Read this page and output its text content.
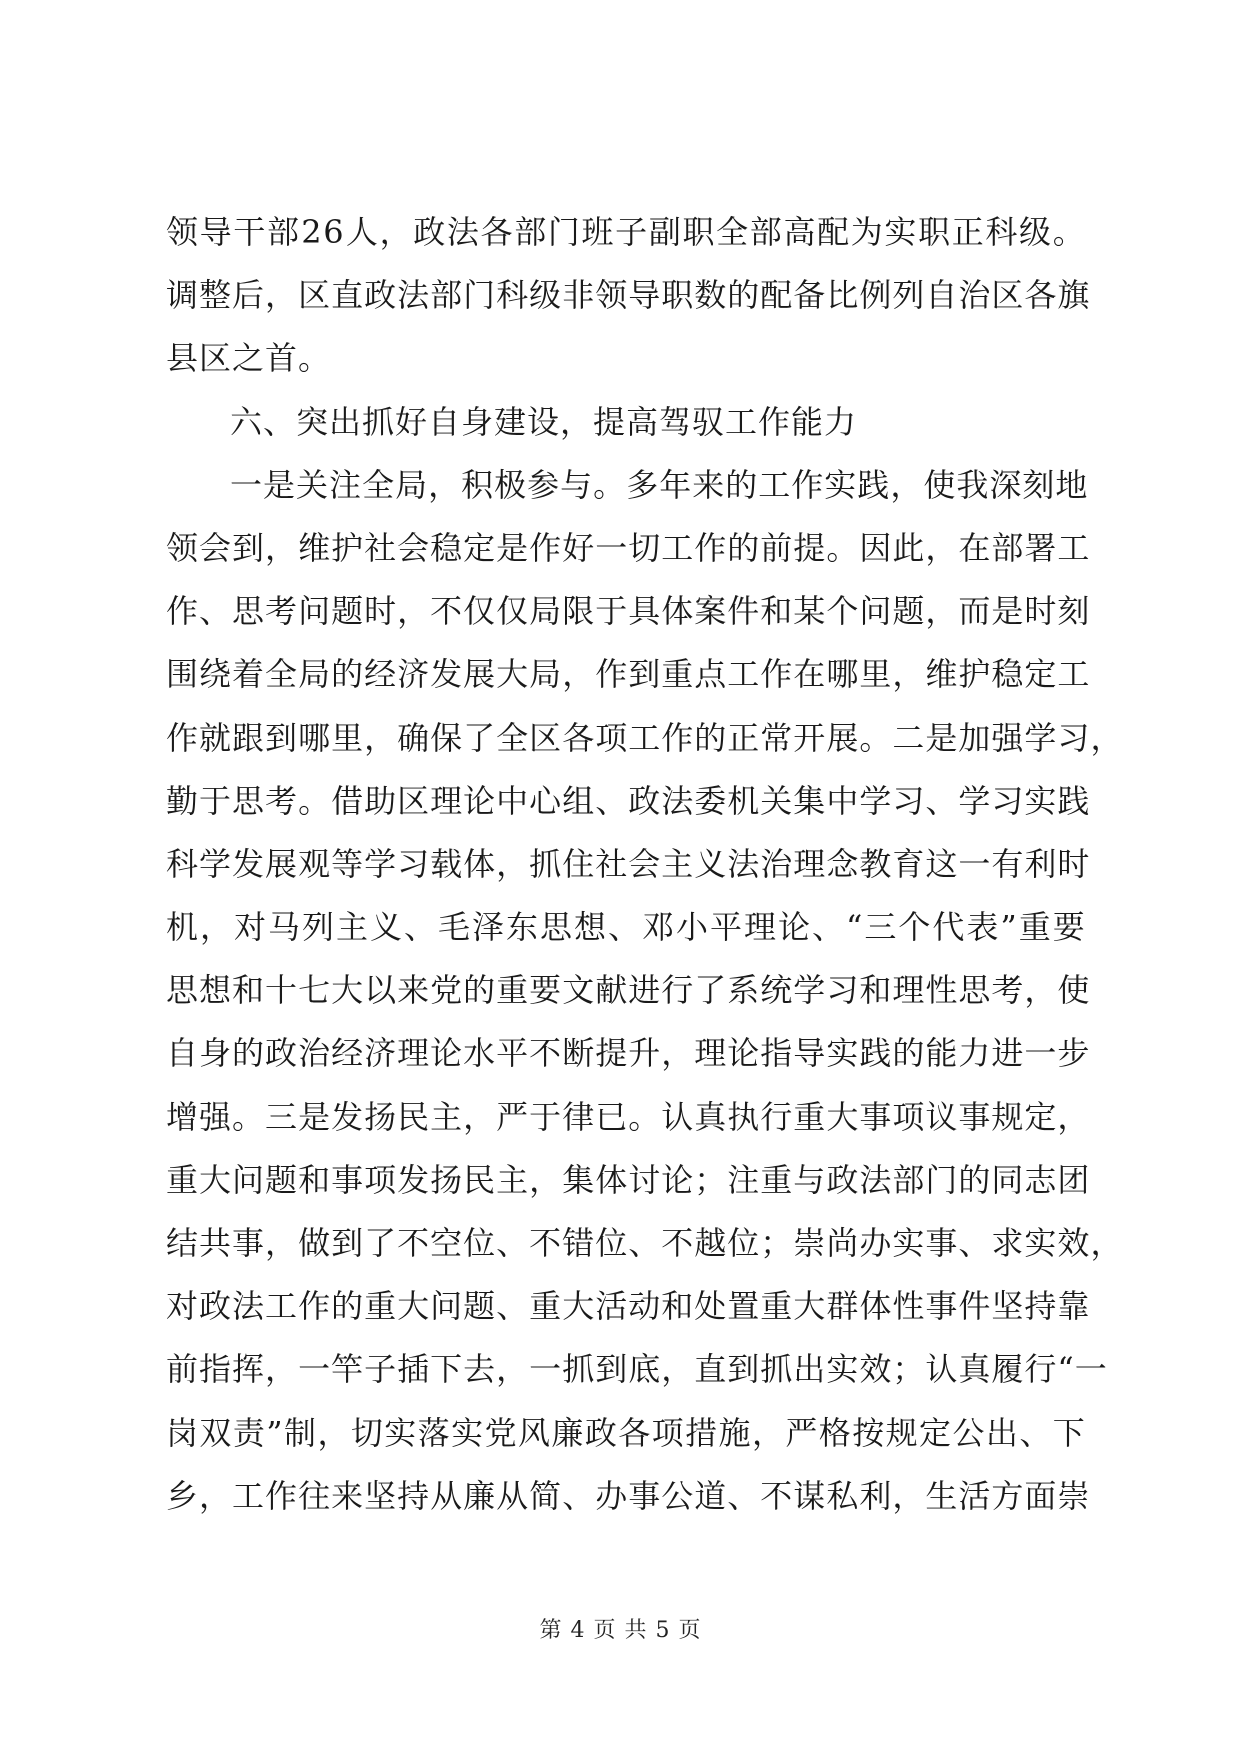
领 导 干 部 2 6 人 ， 政 法 各 部 门 班 子 副 职 全 部 高 配 为 实 职 正 科 级 。
调 整 后 ， 区 直 政 法 部 门 科 级 非 领 导 职 数 的 配 备 比 例 列 自 治 区 各 旗
县区之首。
六、突出抓好自身建设，提高驾驭工作能力
一 是 关 注 全 局 ， 积 极 参 与 。 多 年 来 的 工 作 实 践 ， 使 我 深 刻 地
领 会 到 ， 维 护 社 会 稳 定 是 作 好 一 切 工 作 的 前 提 。 因 此 ， 在 部 署 工
作 、 思 考 问 题 时 ， 不 仅 仅 局 限 于 具 体 案 件 和 某 个 问 题 ， 而 是 时 刻
围 绕 着 全 局 的 经 济 发 展 大 局 ， 作 到 重 点 工 作 在 哪 里 ， 维 护 稳 定 工
作 就 跟 到 哪 里 ， 确 保 了 全 区 各 项 工 作 的 正 常 开 展 。 二 是 加 强 学 习 ，
勤 于 思 考 。 借 助 区 理 论 中 心 组 、 政 法 委 机 关 集 中 学 习 、 学 习 实 践
科 学 发 展 观 等 学 习 载 体 ， 抓 住 社 会 主 义 法 治 理 念 教 育 这 一 有 利 时
机 ， 对 马 列 主 义 、 毛 泽 东 思 想 、 邓 小 平 理 论 、 “ 三 个 代 表 ” 重 要
思 想 和 十 七 大 以 来 党 的 重 要 文 献 进 行 了 系 统 学 习 和 理 性 思 考 ， 使
自 身 的 政 治 经 济 理 论 水 平 不 断 提 升 ， 理 论 指 导 实 践 的 能 力 进 一 步
增 强 。 三 是 发 扬 民 主 ， 严 于 律 已 。 认 真 执 行 重 大 事 项 议 事 规 定 ，
重 大 问 题 和 事 项 发 扬 民 主 ， 集 体 讨 论 ； 注 重 与 政 法 部 门 的 同 志 团
结 共 事 ， 做 到 了 不 空 位 、 不 错 位 、 不 越 位 ； 崇 尚 办 实 事 、 求 实 效 ，
对 政 法 工 作 的 重 大 问 题 、 重 大 活 动 和 处 置 重 大 群 体 性 事 件 坚 持 靠
前 指 挥 ， 一 竿 子 插 下 去 ， 一 抓 到 底 ， 直 到 抓 出 实 效 ； 认 真 履 行 “ 一
岗 双 责 ” 制 ， 切 实 落 实 党 风 廉 政 各 项 措 施 ， 严 格 按 规 定 公 出 、 下
乡 ， 工 作 往 来 坚 持 从 廉 从 简 、 办 事 公 道 、 不 谋 私 利 ， 生 活 方 面 崇
第 4 页 共 5 页
